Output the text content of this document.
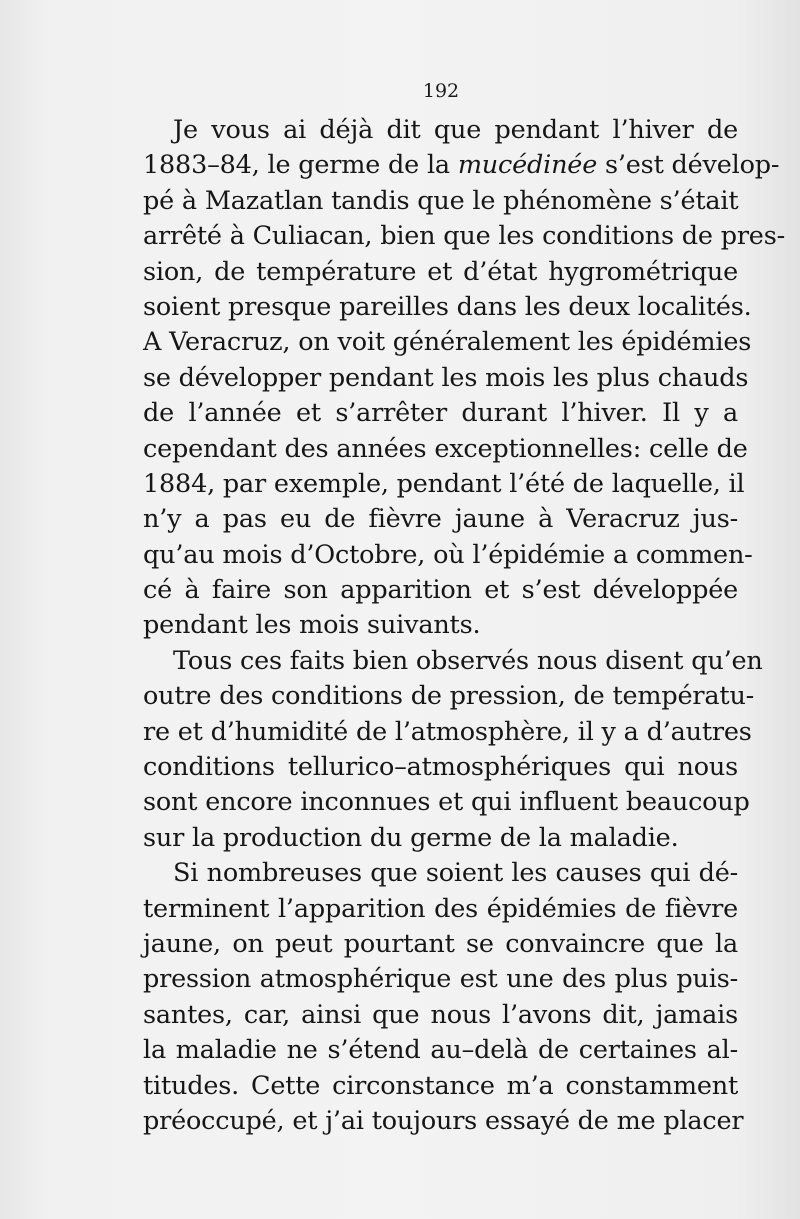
192
Je vous ai déjà dit que pendant l’hiver de
1883–84, le germe de la mucédinée s’est dévelop-
pé à Mazatlan tandis que le phénomène s’était
arrêté à Culiacan, bien que les conditions de pres-
sion, de température et d’état hygrométrique
soient presque pareilles dans les deux localités.
A Veracruz, on voit généralement les épidémies
se développer pendant les mois les plus chauds
de l’année et s’arrêter durant l’hiver. Il y a
cependant des années exceptionnelles: celle de
1884, par exemple, pendant l’été de laquelle, il
n’y a pas eu de fièvre jaune à Veracruz jus-
qu’au mois d’Octobre, où l’épidémie a commen-
cé à faire son apparition et s’est développée
pendant les mois suivants.
Tous ces faits bien observés nous disent qu’en
outre des conditions de pression, de températu-
re et d’humidité de l’atmosphère, il y a d’autres
conditions tellurico–atmosphériques qui nous
sont encore inconnues et qui influent beaucoup
sur la production du germe de la maladie.
Si nombreuses que soient les causes qui dé-
terminent l’apparition des épidémies de fièvre
jaune, on peut pourtant se convaincre que la
pression atmosphérique est une des plus puis-
santes, car, ainsi que nous l’avons dit, jamais
la maladie ne s’étend au–delà de certaines al-
titudes. Cette circonstance m’a constamment
préoccupé, et j’ai toujours essayé de me placer
